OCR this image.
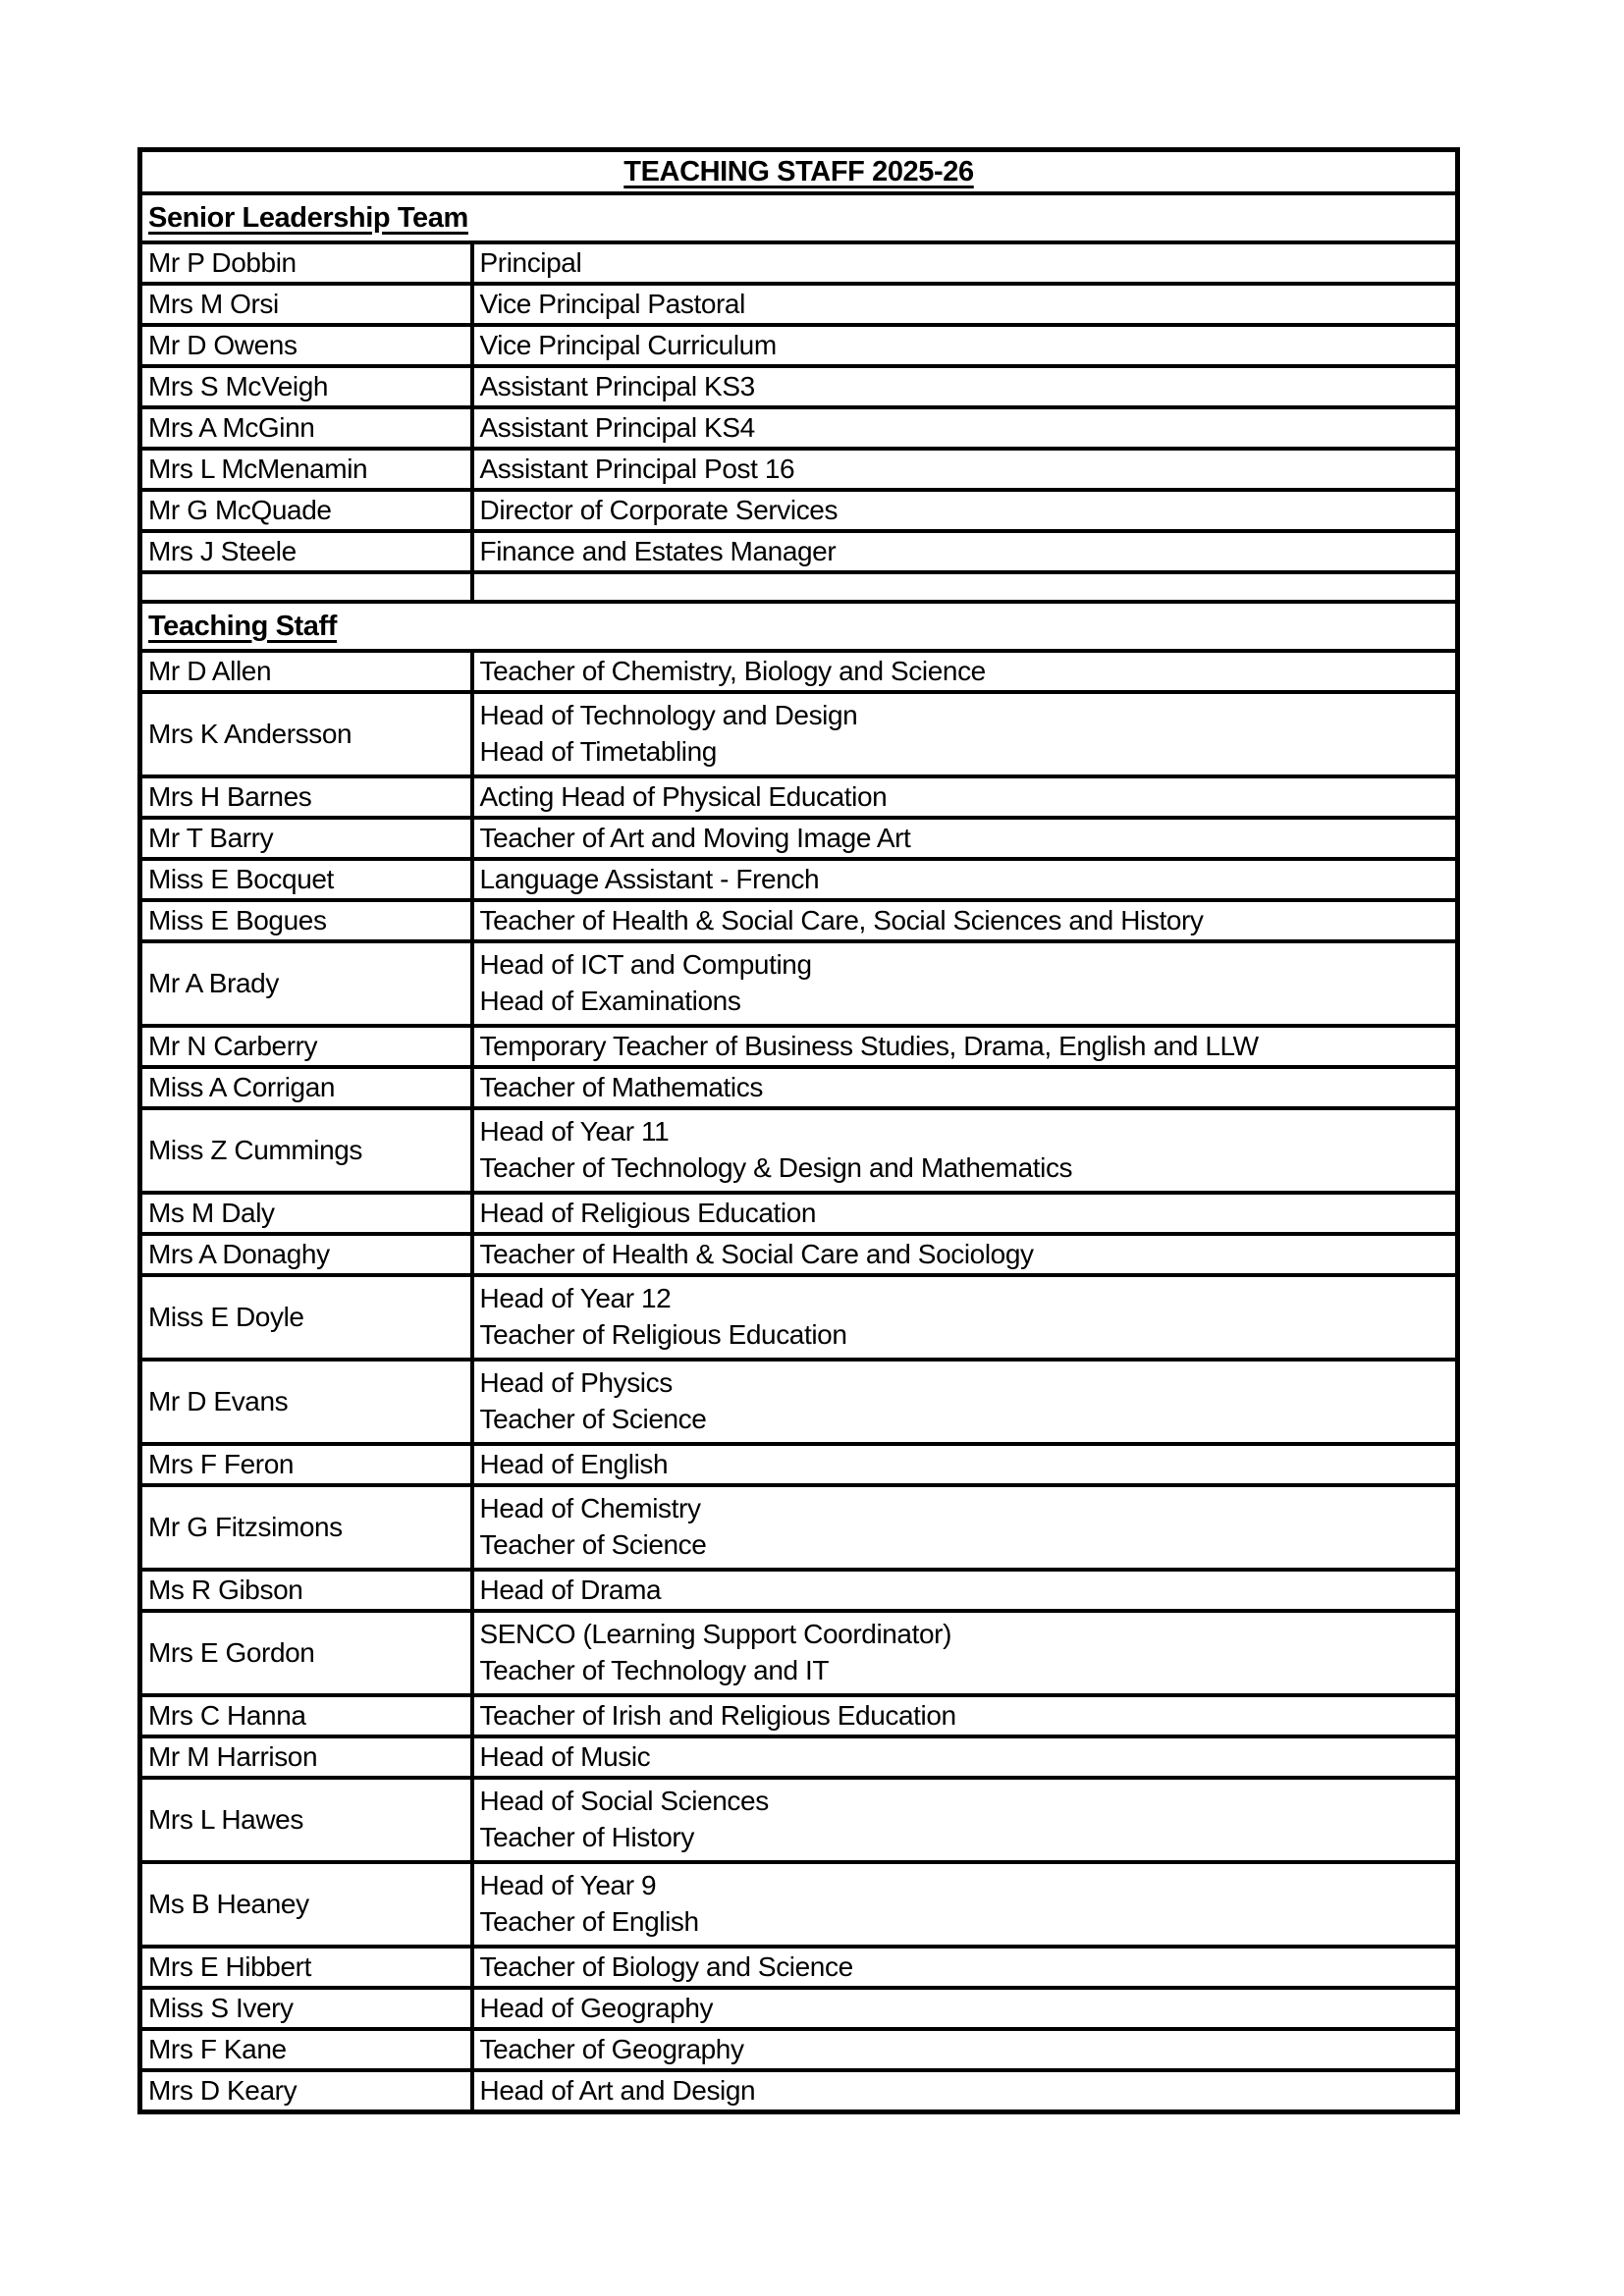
TEACHING STAFF 2025-26	
Senior Leadership Team	
Mr P Dobbin	Principal

Mrs M Orsi	Vice Principal Pastoral

Mr D Owens	Vice Principal Curriculum

Mrs S McVeigh	Assistant Principal KS3

Mrs A McGinn	Assistant Principal KS4

Mrs L McMenamin	Assistant Principal Post 16

Mr G McQuade	Director of Corporate Services

Mrs J Steele	Finance and Estates Manager

Teaching Staff	
Mr D Allen	Teacher of Chemistry, Biology and Science

Mrs K Andersson	Head of Technology and Design
Head of Timetabling

Mrs H Barnes	Acting Head of Physical Education

Mr T Barry	Teacher of Art and Moving Image Art

Miss E Bocquet	Language Assistant - French

Miss E Bogues	Teacher of Health & Social Care, Social Sciences and History

Mr A Brady	Head of ICT and Computing
Head of Examinations

Mr N Carberry	Temporary Teacher of Business Studies, Drama, English and LLW

Miss A Corrigan	Teacher of Mathematics

Miss Z Cummings	Head of Year 11
Teacher of Technology & Design and Mathematics

Ms M Daly	Head of Religious Education

Mrs A Donaghy	Teacher of Health & Social Care and Sociology

Miss E Doyle	Head of Year 12
Teacher of Religious Education

Mr D Evans	Head of Physics
Teacher of Science

Mrs F Feron	Head of English

Mr G Fitzsimons	Head of Chemistry
Teacher of Science

Ms R Gibson	Head of Drama

Mrs E Gordon	SENCO (Learning Support Coordinator)
Teacher of Technology and IT

Mrs C Hanna	Teacher of Irish and Religious Education

Mr M Harrison	Head of Music

Mrs L Hawes	Head of Social Sciences
Teacher of History

Ms B Heaney	Head of Year 9
Teacher of English

Mrs E Hibbert	Teacher of Biology and Science

Miss S Ivery	Head of Geography

Mrs F Kane	Teacher of Geography

Mrs D Keary	Head of Art and Design
